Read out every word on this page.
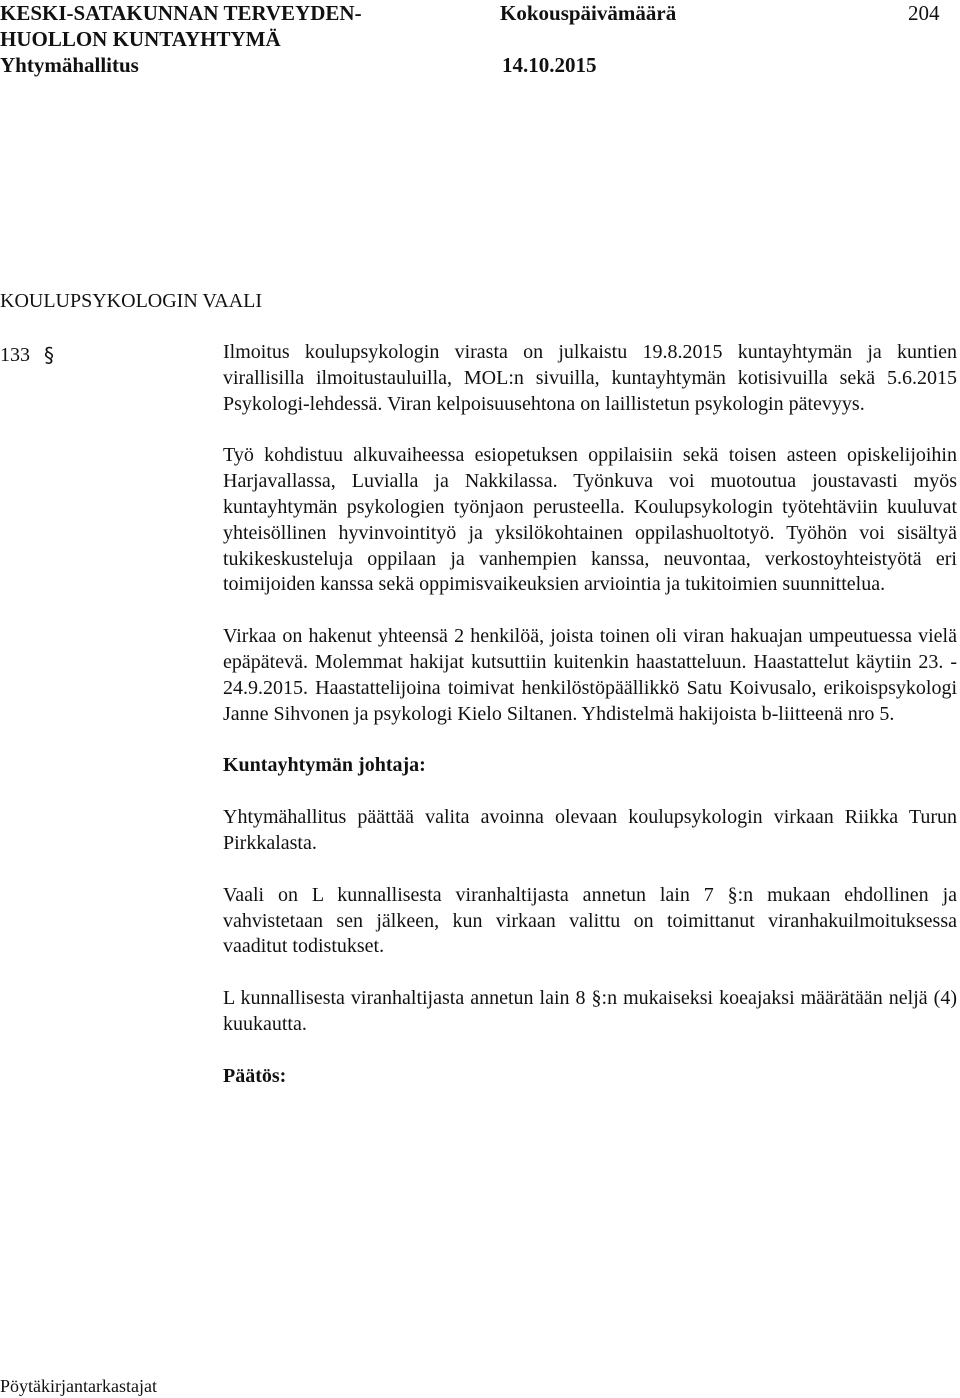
KESKI-SATAKUNNAN TERVEYDEN-
HUOLLON KUNTAYHTYMÄ
Yhtymähallitus
Kokouspäivämäärä
14.10.2015
204
KOULUPSYKOLOGIN VAALI
133 §	Ilmoitus koulupsykologin virasta on julkaistu 19.8.2015 kuntayhtymän ja kuntien virallisilla ilmoitustauluilla, MOL:n sivuilla, kuntayhtymän kotisivuilla sekä 5.6.2015 Psykologi-lehdessä. Viran kelpoisuusehtona on laillistetun psykologin pätevyys.

Työ kohdistuu alkuvaiheessa esiopetuksen oppilaisiin sekä toisen asteen opiskelijoihin Harjavallassa, Luvialla ja Nakkilassa. Työnkuva voi muotoutua joustavasti myös kuntayhtymän psykologien työnjaon perusteella. Koulupsykologin työtehtäviin kuuluvat yhteisöllinen hyvinvointityö ja yksilökohtainen oppilashuoltotyö. Työhön voi sisältyä tukikeskusteluja oppilaan ja vanhempien kanssa, neuvontaa, verkostoyhteistyötä eri toimijoiden kanssa sekä oppimisvaikeuksien arviointia ja tukitoimien suunnittelua.

Virkaa on hakenut yhteensä 2 henkilöä, joista toinen oli viran hakuajan umpeutuessa vielä epäpätevä. Molemmat hakijat kutsuttiin kuitenkin haastatteluun. Haastattelut käytiin 23. - 24.9.2015. Haastattelijoina toimivat henkilöstöpäällikkö Satu Koivusalo, erikoispsykologi Janne Sihvonen ja psykologi Kielo Siltanen. Yhdistelmä hakijoista b-liitteenä nro 5.

Kuntayhtymän johtaja:

Yhtymähallitus päättää valita avoinna olevaan koulupsykologin virkaan Riikka Turun Pirkkalasta.

Vaali on L kunnallisesta viranhaltijasta annetun lain 7 §:n mukaan ehdollinen ja vahvistetaan sen jälkeen, kun virkaan valittu on toimittanut viranhakuilmoituksessa vaaditut todistukset.

L kunnallisesta viranhaltijasta annetun lain 8 §:n mukaiseksi koeajaksi määrätään neljä (4) kuukautta.

Päätös:
Pöytäkirjantarkastajat
